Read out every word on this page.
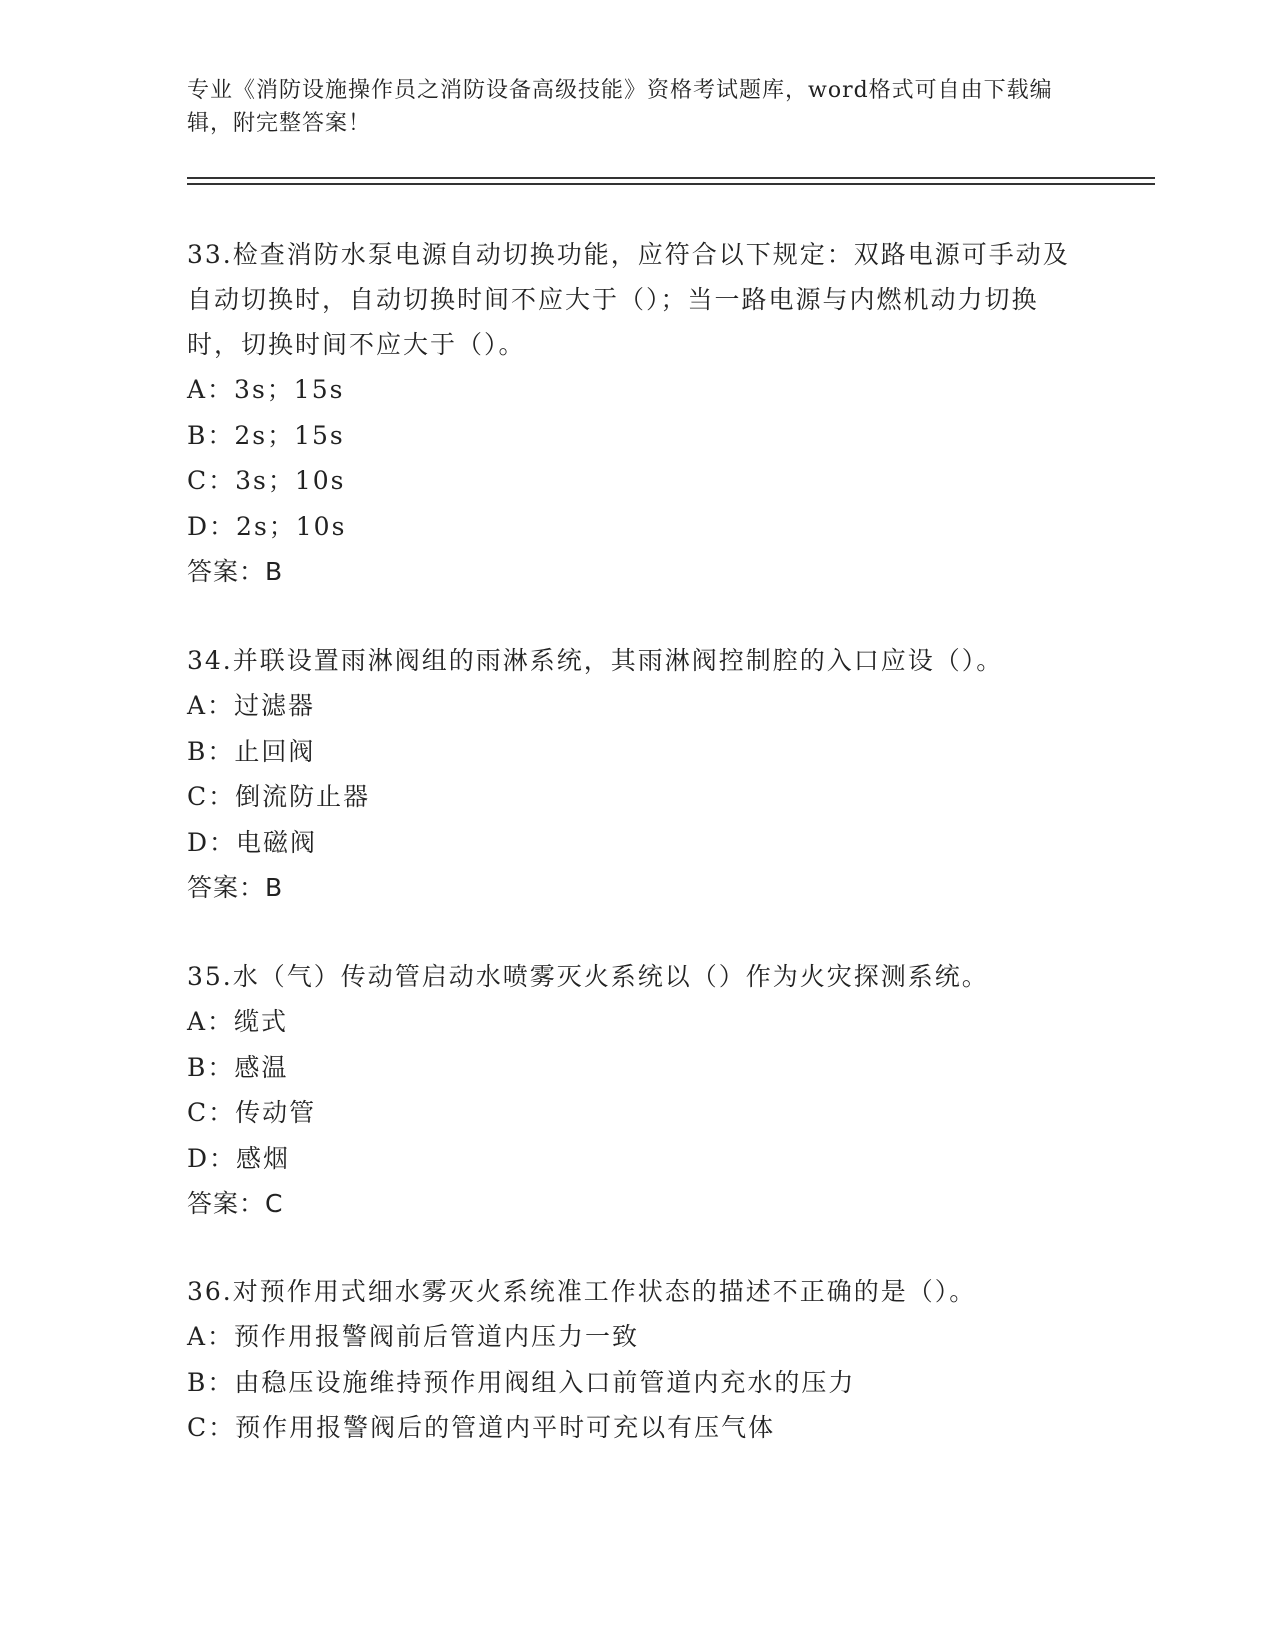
专业《消防设施操作员之消防设备高级技能》资格考试题库，word格式可自由下载编辑，附完整答案！
33.检查消防水泵电源自动切换功能，应符合以下规定：双路电源可手动及自动切换时，自动切换时间不应大于（）；当一路电源与内燃机动力切换时，切换时间不应大于（）。
A：3s；15s
B：2s；15s
C：3s；10s
D：2s；10s
答案：B
34.并联设置雨淋阀组的雨淋系统，其雨淋阀控制腔的入口应设（）。
A：过滤器
B：止回阀
C：倒流防止器
D：电磁阀
答案：B
35.水（气）传动管启动水喷雾灭火系统以（）作为火灾探测系统。
A：缆式
B：感温
C：传动管
D：感烟
答案：C
36.对预作用式细水雾灭火系统准工作状态的描述不正确的是（）。
A：预作用报警阀前后管道内压力一致
B：由稳压设施维持预作用阀组入口前管道内充水的压力
C：预作用报警阀后的管道内平时可充以有压气体
